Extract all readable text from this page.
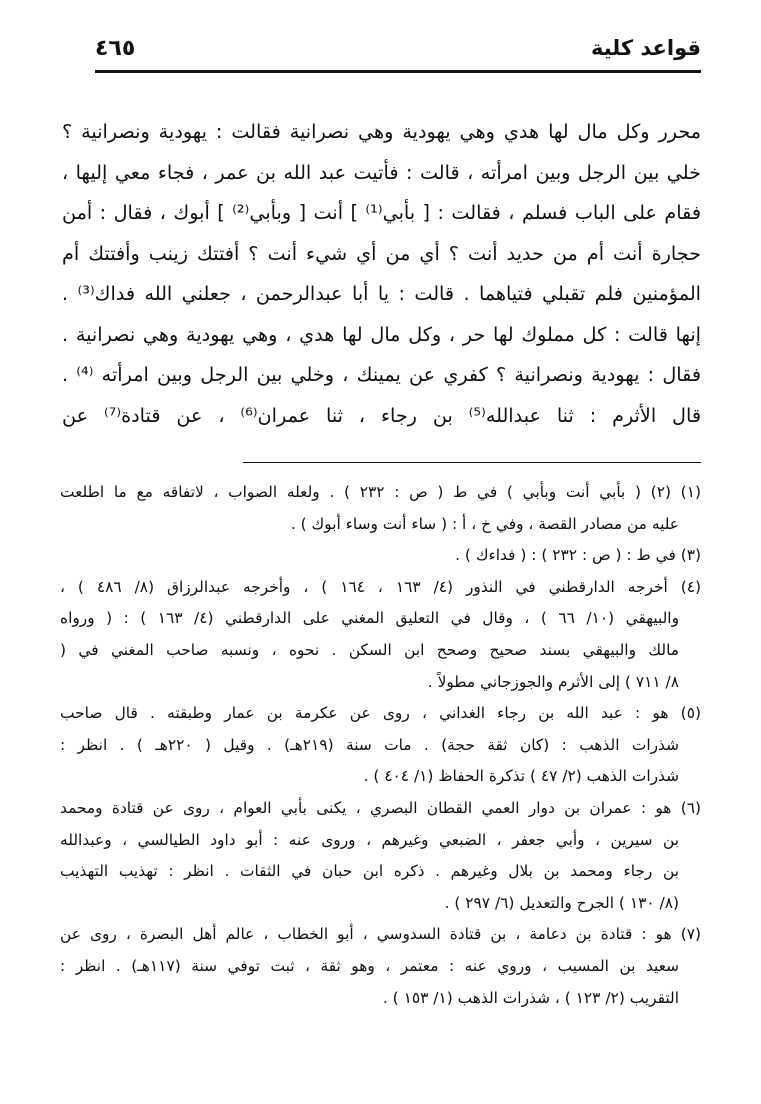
قواعد كلية
٤٦٥
محرر وكل مال لها هدي وهي يهودية وهي نصرانية فقالت : يهودية ونصرانية ؟
خلي بين الرجل وبين امرأته ، قالت : فأتيت عبد الله بن عمر ، فجاء معي إليها ،
فقام على الباب فسلم ، فقالت : [ بأبي⁽¹⁾ ] أنت [ وبأبي⁽²⁾ ] أبوك ، فقال : أمن
حجارة أنت أم من حديد أنت ؟ أي من أي شيء أنت ؟ أفتتك زينب وأفتتك أم
المؤمنين فلم تقبلي فتياهما . قالت : يا أبا عبدالرحمن ، جعلني الله فداك⁽³⁾ .
إنها قالت : كل مملوك لها حر ، وكل مال لها هدي ، وهي يهودية وهي نصرانية .
فقال : يهودية ونصرانية ؟ كفري عن يمينك ، وخلي بين الرجل وبين امرأته ⁽⁴⁾ .
قال الأثرم : ثنا عبدالله⁽⁵⁾ بن رجاء ، ثنا عمران⁽⁶⁾ ، عن قتادة⁽⁷⁾ عن
(١) (٢) ( بأبي أنت وبأبي ) في ط ( ص : ٢٣٢ ) . ولعله الصواب ، لاتفاقه مع ما اطلعت
عليه من مصادر القصة ، وفي خ ، أ : ( ساء أنت وساء أبوك ) .
(٣) في ط : ( ص : ٢٣٢ ) : ( فداءك ) .
(٤) أخرجه الدارقطني في النذور (٤/ ١٦٣ ، ١٦٤ ) ، وأخرجه عبدالرزاق (٨/ ٤٨٦ ) ،
والبيهقي (١٠/ ٦٦ ) ، وقال في التعليق المغني على الدارقطني (٤/ ١٦٣ ) : ( ورواه
مالك والبيهقي بسند صحيح وصحح ابن السكن . نحوه ، ونسبه صاحب المغني في (
٨/ ٧١١ ) إلى الأثرم والجوزجاني مطولاً .
(٥) هو : عبد الله بن رجاء الغداني ، روى عن عكرمة بن عمار وطبقته . قال صاحب
شذرات الذهب : (كان ثقة حجة) . مات سنة (٢١٩هـ) . وقيل ( ٢٢٠هـ ) . انظر :
شذرات الذهب (٢/ ٤٧ ) تذكرة الحفاظ (١/ ٤٠٤ ) .
(٦) هو : عمران بن دوار العمي القطان البصري ، يكنى بأبي العوام ، روى عن قتادة ومحمد
بن سيرين ، وأبي جعفر ، الضبعي وغيرهم ، وروى عنه : أبو داود الطيالسي ، وعبدالله
بن رجاء ومحمد بن بلال وغيرهم . ذكره ابن حبان في الثقات . انظر : تهذيب التهذيب
(٨/ ١٣٠ ) الجرح والتعديل (٦/ ٢٩٧ ) .
(٧) هو : قتادة بن دعامة ، بن قتادة السدوسي ، أبو الخطاب ، عالم أهل البصرة ، روى عن
سعيد بن المسيب ، وروي عنه : معتمر ، وهو ثقة ، ثبت توفي سنة (١١٧هـ) . انظر :
التقريب (٢/ ١٢٣ ) ، شذرات الذهب (١/ ١٥٣ ) .
